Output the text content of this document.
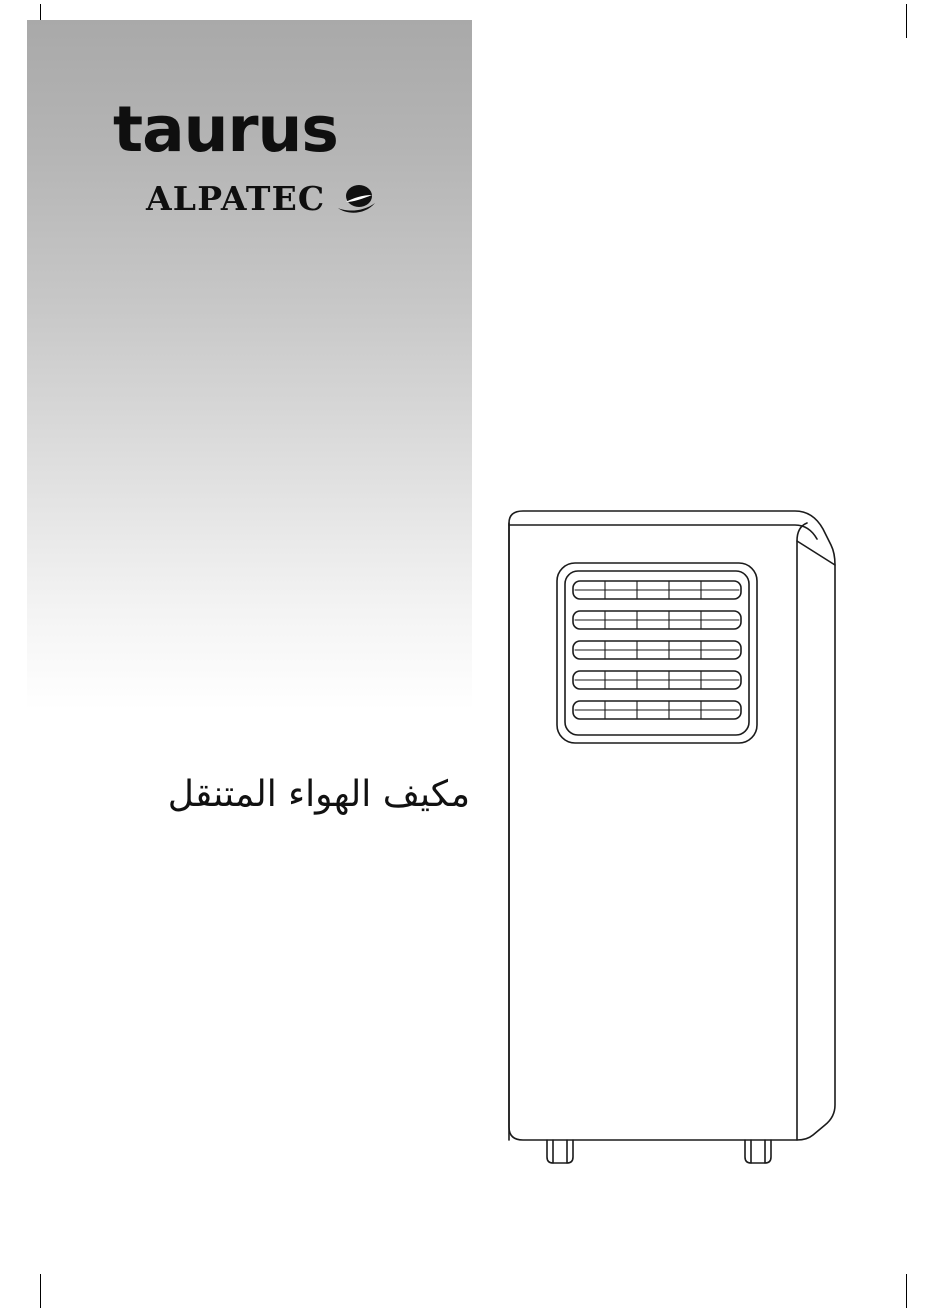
taurus
ALPATEC
مكيف الهواء المتنقل
